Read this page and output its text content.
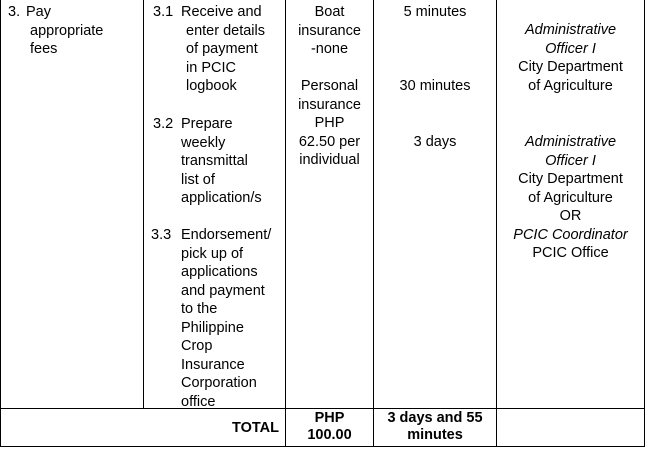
3. Pay
appropriate
fees
3.1 Receive and
enter details
of payment
in PCIC
logbook
3.2 Prepare
weekly
transmittal
list of
application/s
3.3 Endorsement/
pick up of
applications
and payment
to the
Philippine
Crop
Insurance
Corporation
office
Boat
insurance
-none
Personal
insurance
PHP
62.50 per
individual
5 minutes
30 minutes
3 days
Administrative
Officer I
City Department
of Agriculture
Administrative
Officer I
City Department
of Agriculture
OR
PCIC Coordinator
PCIC Office
TOTAL
PHP
100.00
3 days and 55
minutes
